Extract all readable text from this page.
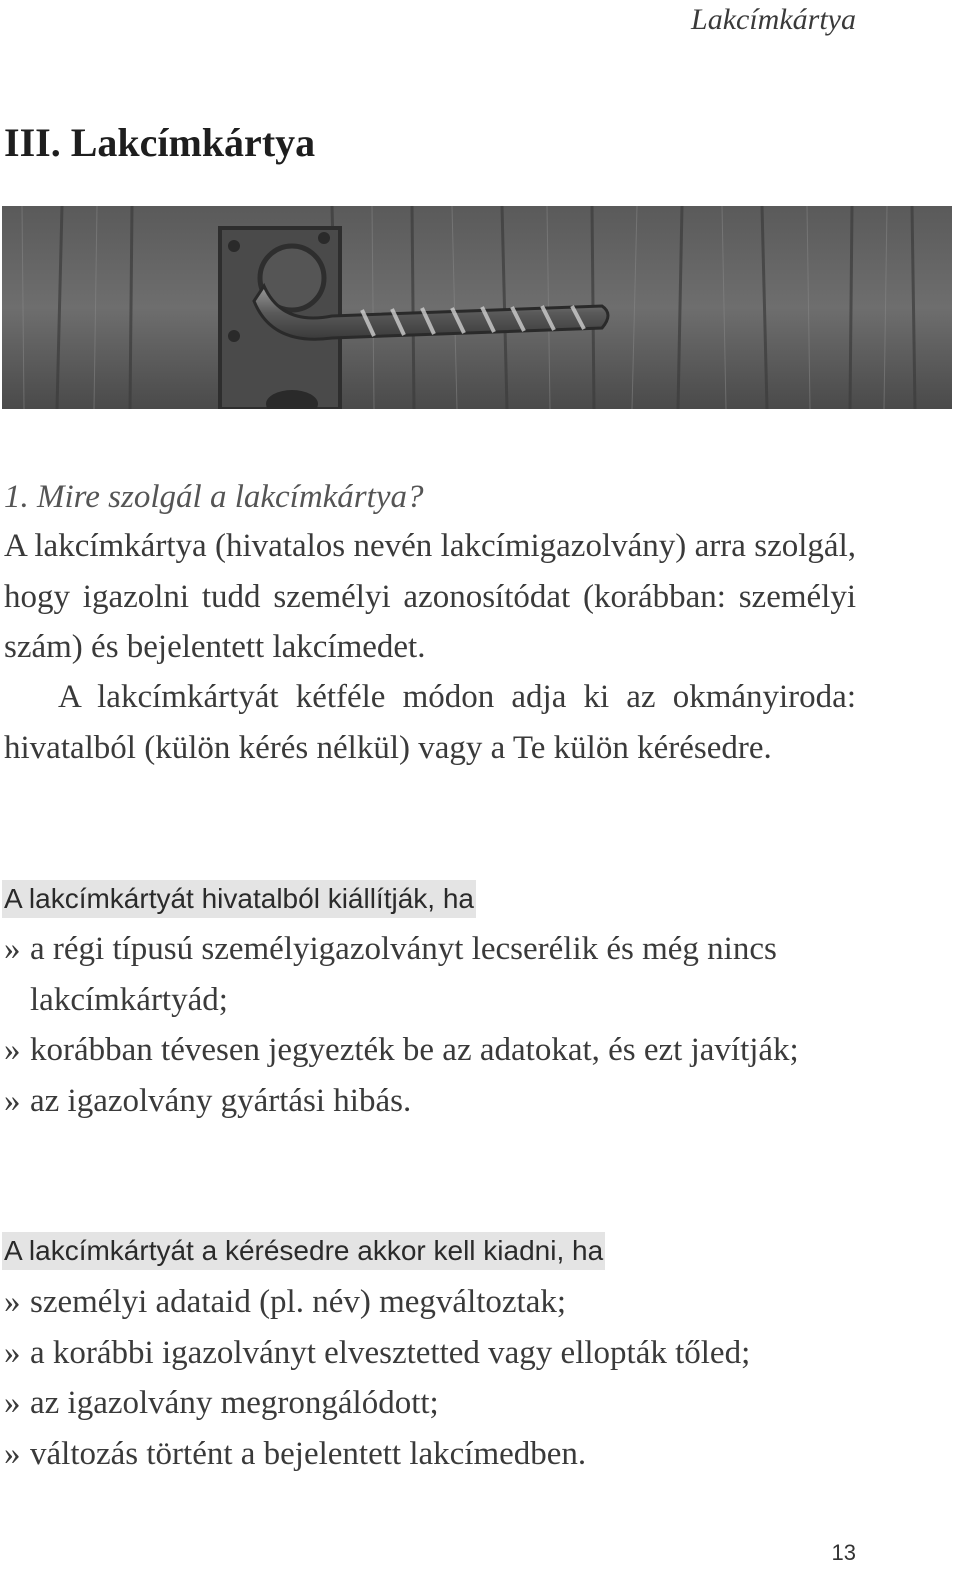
Lakcímkártya
III. Lakcímkártya
1. Mire szolgál a lakcímkártya?

A lakcímkártya (hivatalos nevén lakcímigazolvány) arra szolgál, hogy igazolni tudd személyi azonosítódat (korábban: személyi szám) és bejelentett lakcímedet.

A lakcímkártyát kétféle módon adja ki az okmányiroda: hivatalból (külön kérés nélkül) vagy a Te külön kérésedre.

A lakcímkártyát hivatalból kiállítják, ha
» a régi típusú személyigazolványt lecserélik és még nincs lakcímkártyád;
» korábban tévesen jegyezték be az adatokat, és ezt javítják;
» az igazolvány gyártási hibás.
A lakcímkártyát a kérésedre akkor kell kiadni, ha
» személyi adataid (pl. név) megváltoztak;
» a korábbi igazolványt elvesztetted vagy ellopták tőled;
» az igazolvány megrongálódott;
» változás történt a bejelentett lakcímedben.
13
